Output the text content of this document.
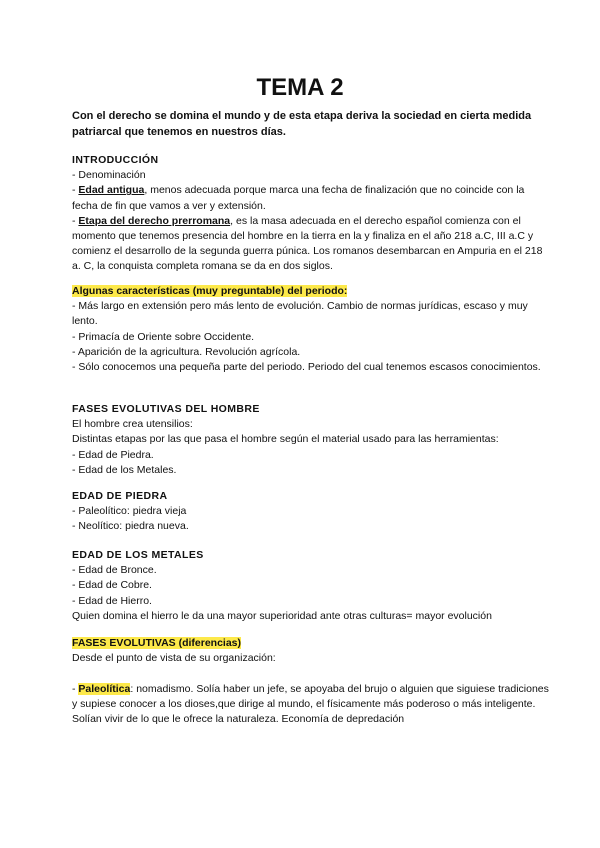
TEMA 2
Con el derecho se domina el mundo y de esta etapa deriva la sociedad en cierta medida patriarcal que tenemos en nuestros días.
INTRODUCCIÓN
- Denominación
- Edad antigua, menos adecuada porque marca una fecha de finalización que no coincide con la fecha de fin que vamos a ver y extensión.
- Etapa del derecho prerromana, es la masa adecuada en el derecho español comienza con el momento que tenemos presencia del hombre en la tierra en la y finaliza en el año 218 a.C, III a.C y comienz el desarrollo de la segunda guerra púnica. Los romanos desembarcan en Ampuria en el 218 a. C, la conquista completa romana se da en dos siglos.
Algunas características (muy preguntable) del periodo:
- Más largo en extensión pero más lento de evolución. Cambio de normas jurídicas, escaso y muy lento.
- Primacía de Oriente sobre Occidente.
- Aparición de la agricultura. Revolución agrícola.
- Sólo conocemos una pequeña parte del periodo. Periodo del cual tenemos escasos conocimientos.
FASES EVOLUTIVAS DEL HOMBRE
El hombre crea utensilios:
Distintas etapas por las que pasa el hombre según el material usado para las herramientas:
- Edad de Piedra.
- Edad de los Metales.
EDAD DE PIEDRA
- Paleolítico: piedra vieja
- Neolítico: piedra nueva.
EDAD DE LOS METALES
- Edad de Bronce.
- Edad de Cobre.
- Edad de Hierro.
Quien domina el hierro le da una mayor superioridad ante otras culturas= mayor evolución
FASES EVOLUTIVAS (diferencias)
Desde el punto de vista de su organización:
- Paleolítica: nomadismo. Solía haber un jefe, se apoyaba del brujo o alguien que siguiese tradiciones y supiese conocer a los dioses,que dirige al mundo, el físicamente más poderoso o más inteligente. Solían vivir de lo que le ofrece la naturaleza. Economía de depredación
